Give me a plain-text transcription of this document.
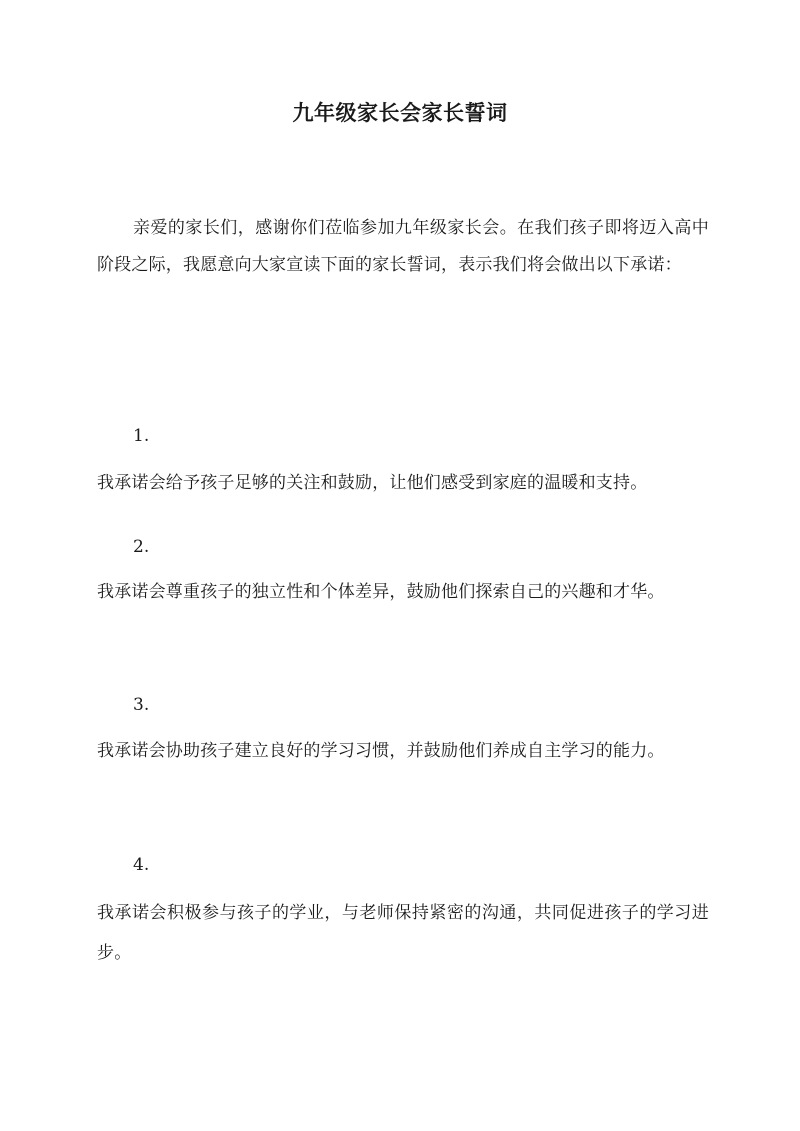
九年级家长会家长誓词
亲爱的家长们，感谢你们莅临参加九年级家长会。在我们孩子即将迈入高中阶段之际，我愿意向大家宣读下面的家长誓词，表示我们将会做出以下承诺：
1.
我承诺会给予孩子足够的关注和鼓励，让他们感受到家庭的温暖和支持。
2.
我承诺会尊重孩子的独立性和个体差异，鼓励他们探索自己的兴趣和才华。
3.
我承诺会协助孩子建立良好的学习习惯，并鼓励他们养成自主学习的能力。
4.
我承诺会积极参与孩子的学业，与老师保持紧密的沟通，共同促进孩子的学习进步。
